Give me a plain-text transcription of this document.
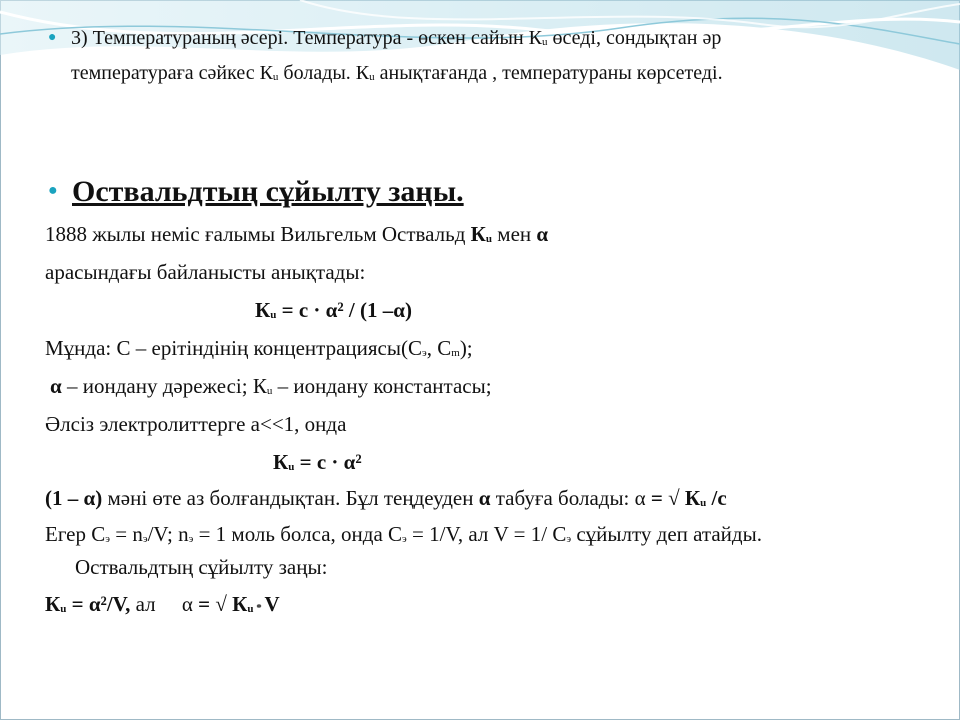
● 3) Температураның әсері. Температура - өскен сайын Кu өседі, сондықтан әр
температураға сәйкес Кu болады. Кu анықтағанда , температураны көрсетеді.
● Оствальдтың сұйылту заңы.
1888 жылы неміс ғалымы Вильгельм Оствальд Кu мен α
арасындағы байланысты анықтады:
Кu = с · α² / (1 –α)
Мұнда: С – ерітіндінің концентрациясы(Сэ, Сm);
α – иондану дәрежесі; Кu – иондану константасы;
Әлсіз электролиттерге а<<1, онда
Кu = с · α²
(1 – α) мәні өте аз болғандықтан. Бұл теңдеуден α табуға болады: α = √ Кu /с
Егер Сэ = nэ/V; nэ = 1 моль болса, онда Сэ = 1/V, ал V = 1/ Сэ сұйылту деп атайды.
Оствальдтың сұйылту заңы:
Кu = α²/V, ал     α = √ Кu * V
